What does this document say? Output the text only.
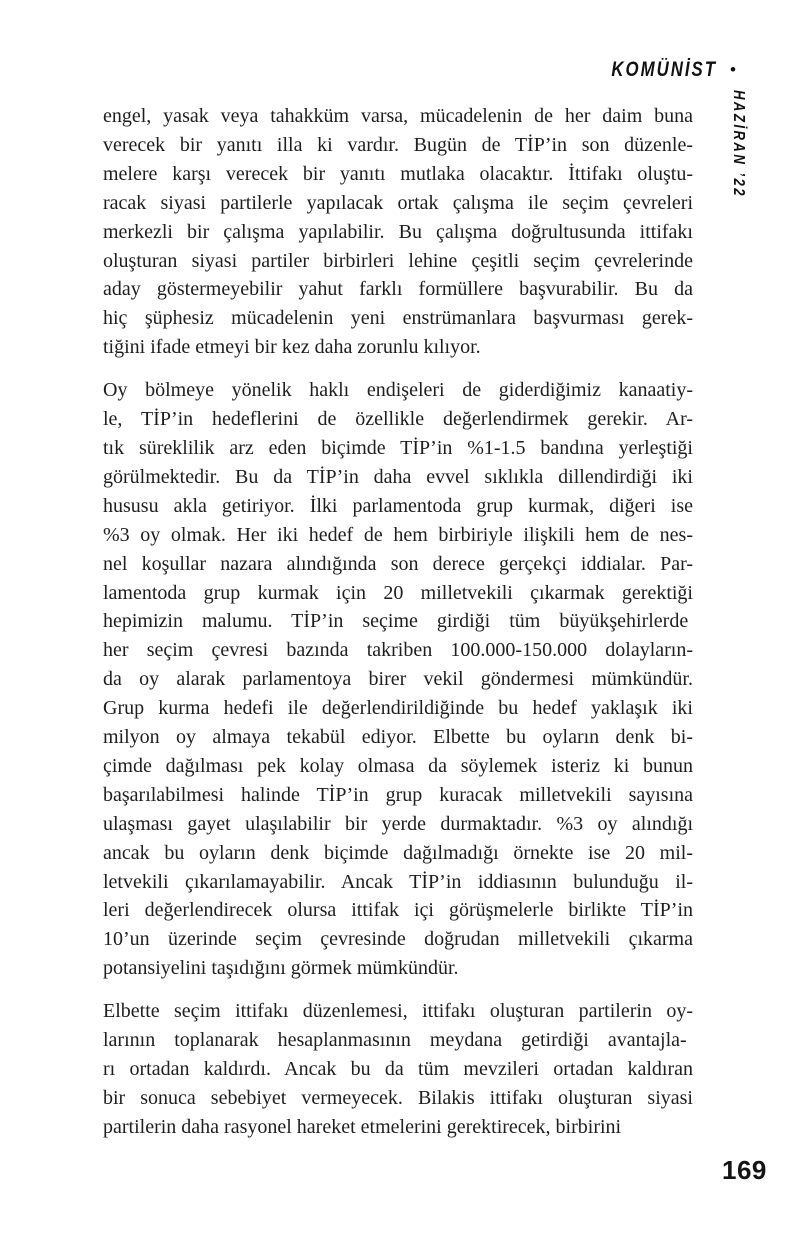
KOMÜNİST •
HAZİRAN ’22
engel, yasak veya tahakküm varsa, mücadelenin de her daim buna
verecek bir yanıtı illa ki vardır. Bugün de TİP’in son düzenle-
melere karşı verecek bir yanıtı mutlaka olacaktır. İttifakı oluştu-
racak siyasi partilerle yapılacak ortak çalışma ile seçim çevreleri
merkezli bir çalışma yapılabilir. Bu çalışma doğrultusunda ittifakı
oluşturan siyasi partiler birbirleri lehine çeşitli seçim çevrelerinde
aday göstermeyebilir yahut farklı formüllere başvurabilir. Bu da
hiç şüphesiz mücadelenin yeni enstrümanlara başvurması gerek-
tiğini ifade etmeyi bir kez daha zorunlu kılıyor.
Oy bölmeye yönelik haklı endişeleri de giderdiğimiz kanaatiy-
le, TİP’in hedeflerini de özellikle değerlendirmek gerekir. Ar-
tık süreklilik arz eden biçimde TİP’in %1-1.5 bandına yerleştiği
görülmektedir. Bu da TİP’in daha evvel sıklıkla dillendirdiği iki
hususu akla getiriyor. İlki parlamentoda grup kurmak, diğeri ise
%3 oy olmak. Her iki hedef de hem birbiriyle ilişkili hem de nes-
nel koşullar nazara alındığında son derece gerçekçi iddialar. Par-
lamentoda grup kurmak için 20 milletvekili çıkarmak gerektiği
hepimizin malumu. TİP’in seçime girdiği tüm büyükşehirlerde
her seçim çevresi bazında takriben 100.000-150.000 dolayların-
da oy alarak parlamentoya birer vekil göndermesi mümkündür.
Grup kurma hedefi ile değerlendirildiğinde bu hedef yaklaşık iki
milyon oy almaya tekabül ediyor. Elbette bu oyların denk bi-
çimde dağılması pek kolay olmasa da söylemek isteriz ki bunun
başarılabilmesi halinde TİP’in grup kuracak milletvekili sayısına
ulaşması gayet ulaşılabilir bir yerde durmaktadır. %3 oy alındığı
ancak bu oyların denk biçimde dağılmadığı örnekte ise 20 mil-
letvekili çıkarılamayabilir. Ancak TİP’in iddiasının bulunduğu il-
leri değerlendirecek olursa ittifak içi görüşmelerle birlikte TİP’in
10’un üzerinde seçim çevresinde doğrudan milletvekili çıkarma
potansiyelini taşıdığını görmek mümkündür.
Elbette seçim ittifakı düzenlemesi, ittifakı oluşturan partilerin oy-
larının toplanarak hesaplanmasının meydana getirdiği avantajla-
rı ortadan kaldırdı. Ancak bu da tüm mevzileri ortadan kaldıran
bir sonuca sebebiyet vermeyecek. Bilakis ittifakı oluşturan siyasi
partilerin daha rasyonel hareket etmelerini gerektirecek, birbirini
169
